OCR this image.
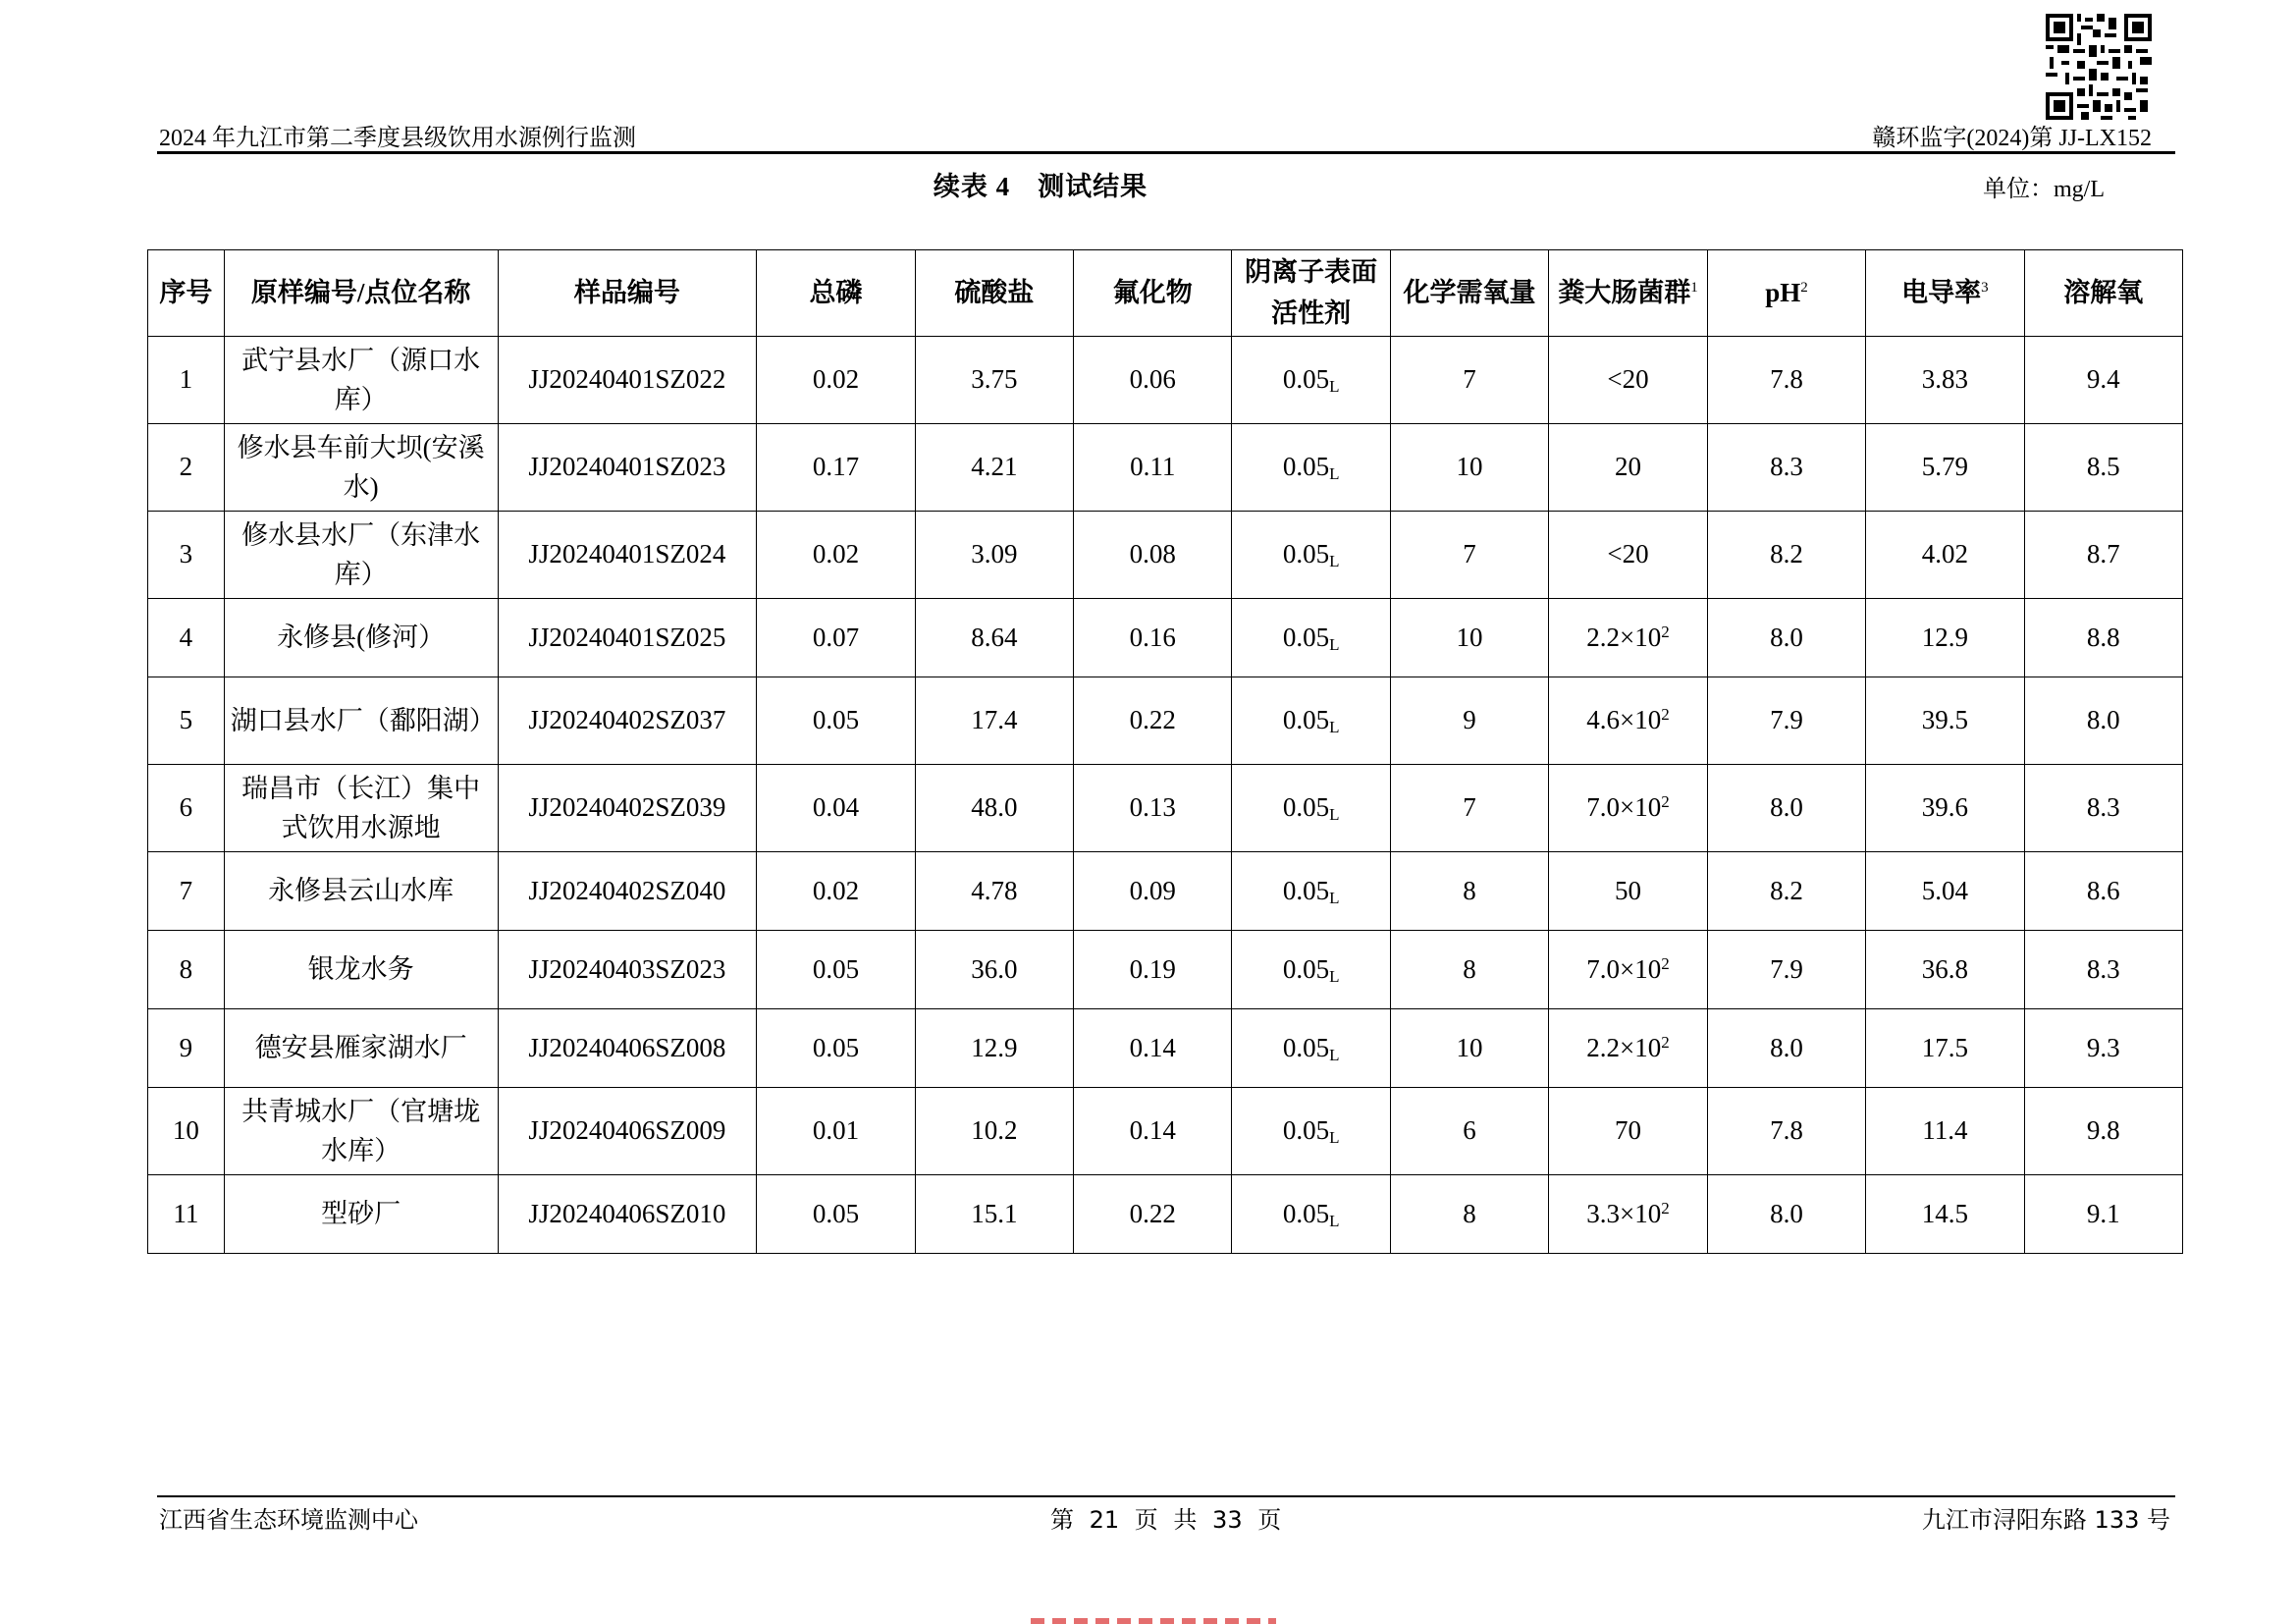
2024 年九江市第二季度县级饮用水源例行监测	赣环监字(2024)第 JJ-LX152
续表 4 测试结果	单位：mg/L
序号	原样编号/点位名称	样品编号	总磷	硫酸盐	氟化物	阴离子表面活性剂	化学需氧量	粪大肠菌群$^1$	$pH^2$	电导率$^3$	溶解氧
1	武宁县水厂（源口水库）	JJ20240401SZ022	0.02	3.75	0.06	$0.05_L$	7	<20	7.8	3.83	9.4
2	修水县车前大坝(安溪水)	JJ20240401SZ023	0.17	4.21	0.11	$0.05_L$	10	20	8.3	5.79	8.5
3	修水县水厂（东津水库）	JJ20240401SZ024	0.02	3.09	0.08	$0.05_L$	7	<20	8.2	4.02	8.7
4	永修县(修河）	JJ20240401SZ025	0.07	8.64	0.16	$0.05_L$	10	$2.2\times 10^2$	8.0	12.9	8.8
5	湖口县水厂（鄱阳湖）	JJ20240402SZ037	0.05	17.4	0.22	$0.05_L$	9	$4.6\times 10^2$	7.9	39.5	8.0
6	瑞昌市（长江）集中式饮用水源地	JJ20240402SZ039	0.04	48.0	0.13	$0.05_L$	7	$7.0\times 10^2$	8.0	39.6	8.3
7	永修县云山水库	JJ20240402SZ040	0.02	4.78	0.09	$0.05_L$	8	50	8.2	5.04	8.6
8	银龙水务	JJ20240403SZ023	0.05	36.0	0.19	$0.05_L$	8	$7.0\times 10^2$	7.9	36.8	8.3
9	德安县雁家湖水厂	JJ20240406SZ008	0.05	12.9	0.14	$0.05_L$	10	$2.2\times 10^2$	8.0	17.5	9.3
10	共青城水厂（官塘垅水库）	JJ20240406SZ009	0.01	10.2	0.14	$0.05_L$	6	70	7.8	11.4	9.8
11	型砂厂	JJ20240406SZ010	0.05	15.1	0.22	$0.05_L$	8	$3.3\times 10^2$	8.0	14.5	9.1
江西省生态环境监测中心	第 21 页 共 33 页	九江市浔阳东路 133 号
